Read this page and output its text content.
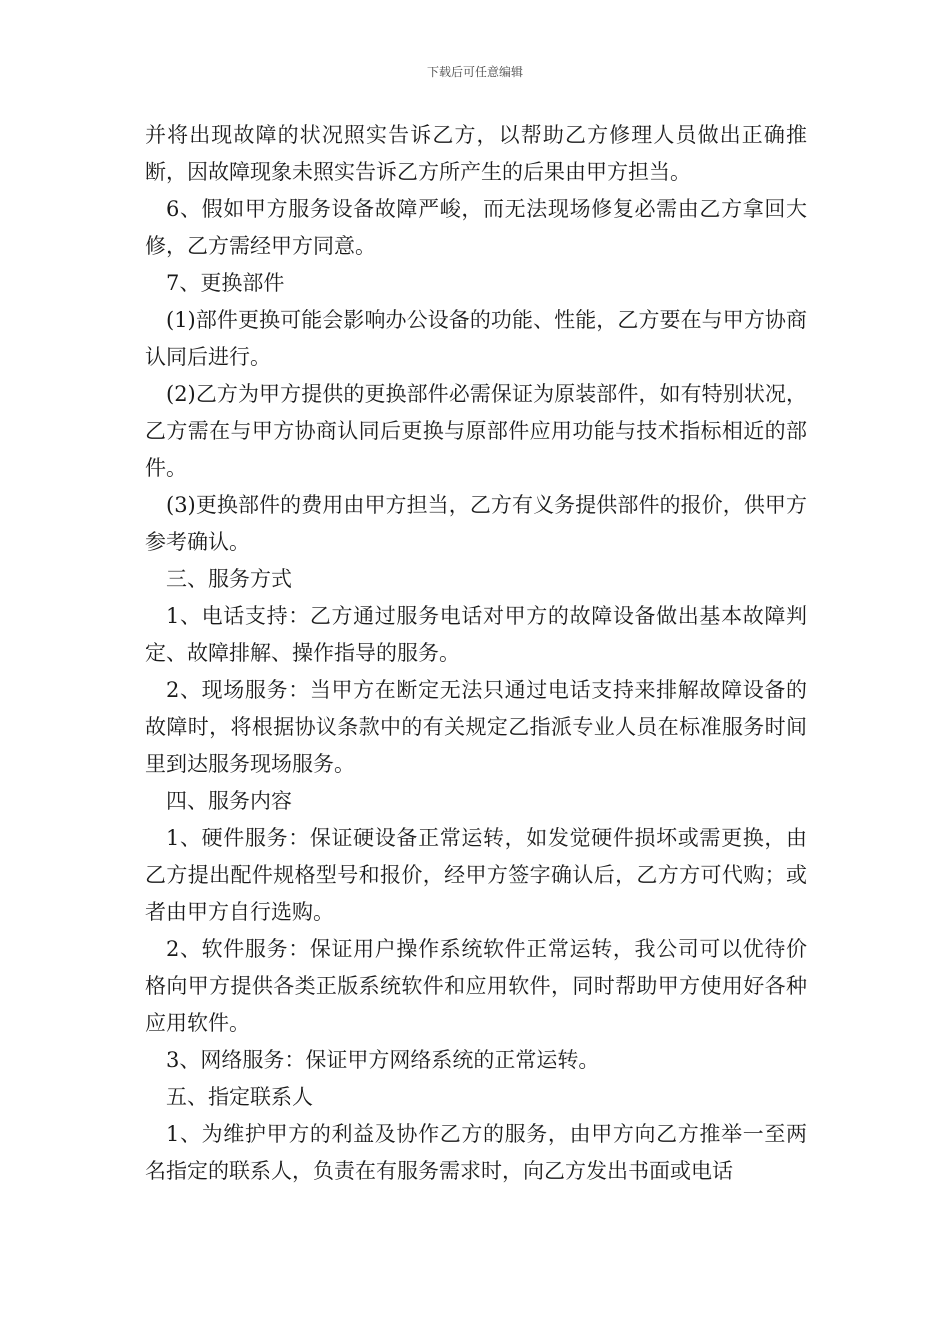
下载后可任意编辑

并将出现故障的状况照实告诉乙方，以帮助乙方修理人员做出正确推断，因故障现象未照实告诉乙方所产生的后果由甲方担当。

6、假如甲方服务设备故障严峻，而无法现场修复必需由乙方拿回大修，乙方需经甲方同意。

7、更换部件

(1)部件更换可能会影响办公设备的功能、性能，乙方要在与甲方协商认同后进行。

(2)乙方为甲方提供的更换部件必需保证为原装部件，如有特别状况，乙方需在与甲方协商认同后更换与原部件应用功能与技术指标相近的部件。

(3)更换部件的费用由甲方担当，乙方有义务提供部件的报价，供甲方参考确认。

三、服务方式

1、电话支持：乙方通过服务电话对甲方的故障设备做出基本故障判定、故障排解、操作指导的服务。

2、现场服务：当甲方在断定无法只通过电话支持来排解故障设备的故障时，将根据协议条款中的有关规定乙指派专业人员在标准服务时间里到达服务现场服务。

四、服务内容

1、硬件服务：保证硬设备正常运转，如发觉硬件损坏或需更换，由乙方提出配件规格型号和报价，经甲方签字确认后，乙方方可代购；或者由甲方自行选购。

2、软件服务：保证用户操作系统软件正常运转，我公司可以优待价格向甲方提供各类正版系统软件和应用软件，同时帮助甲方使用好各种应用软件。

3、网络服务：保证甲方网络系统的正常运转。

五、指定联系人

1、为维护甲方的利益及协作乙方的服务，由甲方向乙方推举一至两名指定的联系人，负责在有服务需求时，向乙方发出书面或电话
